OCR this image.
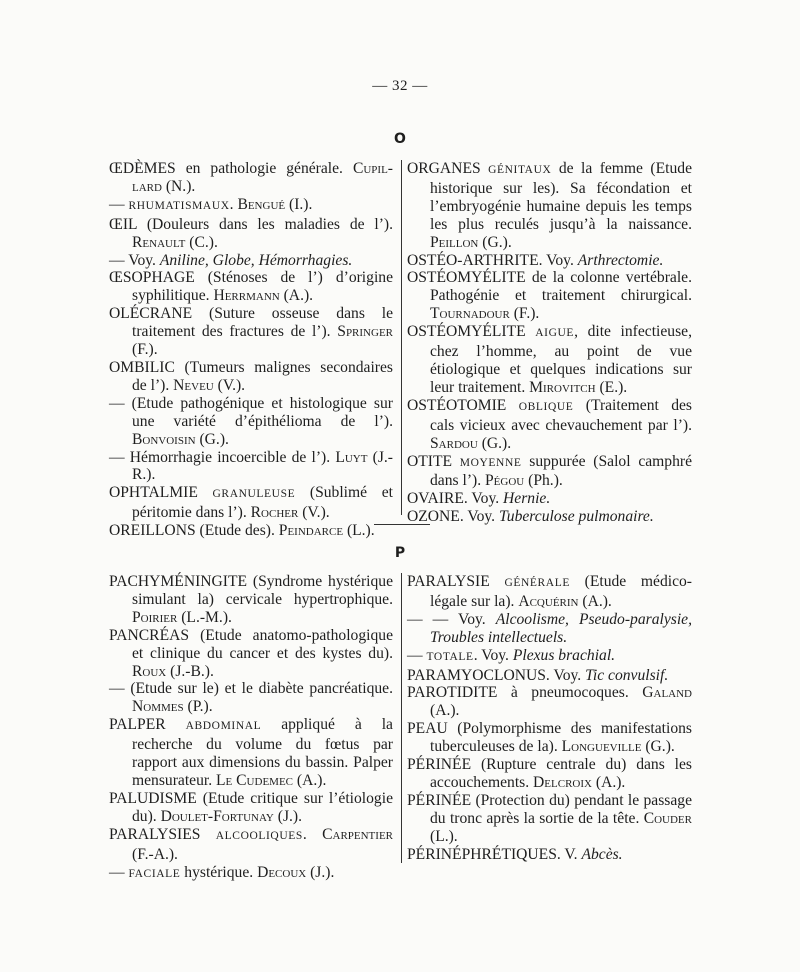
— 32 —
O

ŒDÈMES en pathologie générale. Cupil-lard (N.).

— RHUMATISMAUX. Bengué (I.).

ŒIL (Douleurs dans les maladies de l’). Renault (C.).

— Voy. Aniline, Globe, Hémorrhagies.

ŒSOPHAGE (Sténoses de l’) d’origine syphilitique. Herrmann (A.).

OLÉCRANE (Suture osseuse dans le traitement des fractures de l’). Springer (F.).

OMBILIC (Tumeurs malignes secondaires de l’). Neveu (V.).

— (Etude pathogénique et histologique sur une variété d’épithélioma de l’). Bonvoisin (G.).

— Hémorrhagie incoercible de l’). Luyt (J.-R.).

OPHTALMIE GRANULEUSE (Sublimé et péritomie dans l’). Rocher (V.).

OREILLONS (Etude des). Peindarce (L.).

ORGANES GÉNITAUX de la femme (Etude historique sur les). Sa fécondation et l’embryogénie humaine depuis les temps les plus reculés jusqu’à la naissance. Peillon (G.).

OSTÉO-ARTHRITE. Voy. Arthrectomie.

OSTÉOMYÉLITE de la colonne vertébrale. Pathogénie et traitement chirurgical. Tournadour (F.).

OSTÉOMYÉLITE AIGUE, dite infectieuse, chez l’homme, au point de vue étiologique et quelques indications sur leur traitement. Mirovitch (E.).

OSTÉOTOMIE OBLIQUE (Traitement des cals vicieux avec chevauchement par l’). Sardou (G.).

OTITE MOYENNE suppurée (Salol camphré dans l’). Pégou (Ph.).

OVAIRE. Voy. Hernie.

OZONE. Voy. Tuberculose pulmonaire.

P

PACHYMÉNINGITE (Syndrome hystérique simulant la) cervicale hypertrophique. Poirier (L.-M.).

PANCRÉAS (Etude anatomo-pathologique et clinique du cancer et des kystes du). Roux (J.-B.).

— (Etude sur le) et le diabète pancréatique. Nommes (P.).

PALPER ABDOMINAL appliqué à la recherche du volume du fœtus par rapport aux dimensions du bassin. Palper mensurateur. Le Cudemec (A.).

PALUDISME (Etude critique sur l’étiologie du). Doulet-Fortunay (J.).

PARALYSIES ALCOOLIQUES. Carpentier (F.-A.).

— FACIALE hystérique. Decoux (J.).

PARALYSIE GÉNÉRALE (Etude médico-légale sur la). Acquérin (A.).

— — Voy. Alcoolisme, Pseudo-paralysie, Troubles intellectuels.

— TOTALE. Voy. Plexus brachial.

PARAMYOCLONUS. Voy. Tic convulsif.

PAROTIDITE à pneumocoques. Galand (A.).

PEAU (Polymorphisme des manifestations tuberculeuses de la). Longueville (G.).

PÉRINÉE (Rupture centrale du) dans les accouchements. Delcroix (A.).

PÉRINÉE (Protection du) pendant le passage du tronc après la sortie de la tête. Couder (L.).

PÉRINÉPHRÉTIQUES. V. Abcès.
